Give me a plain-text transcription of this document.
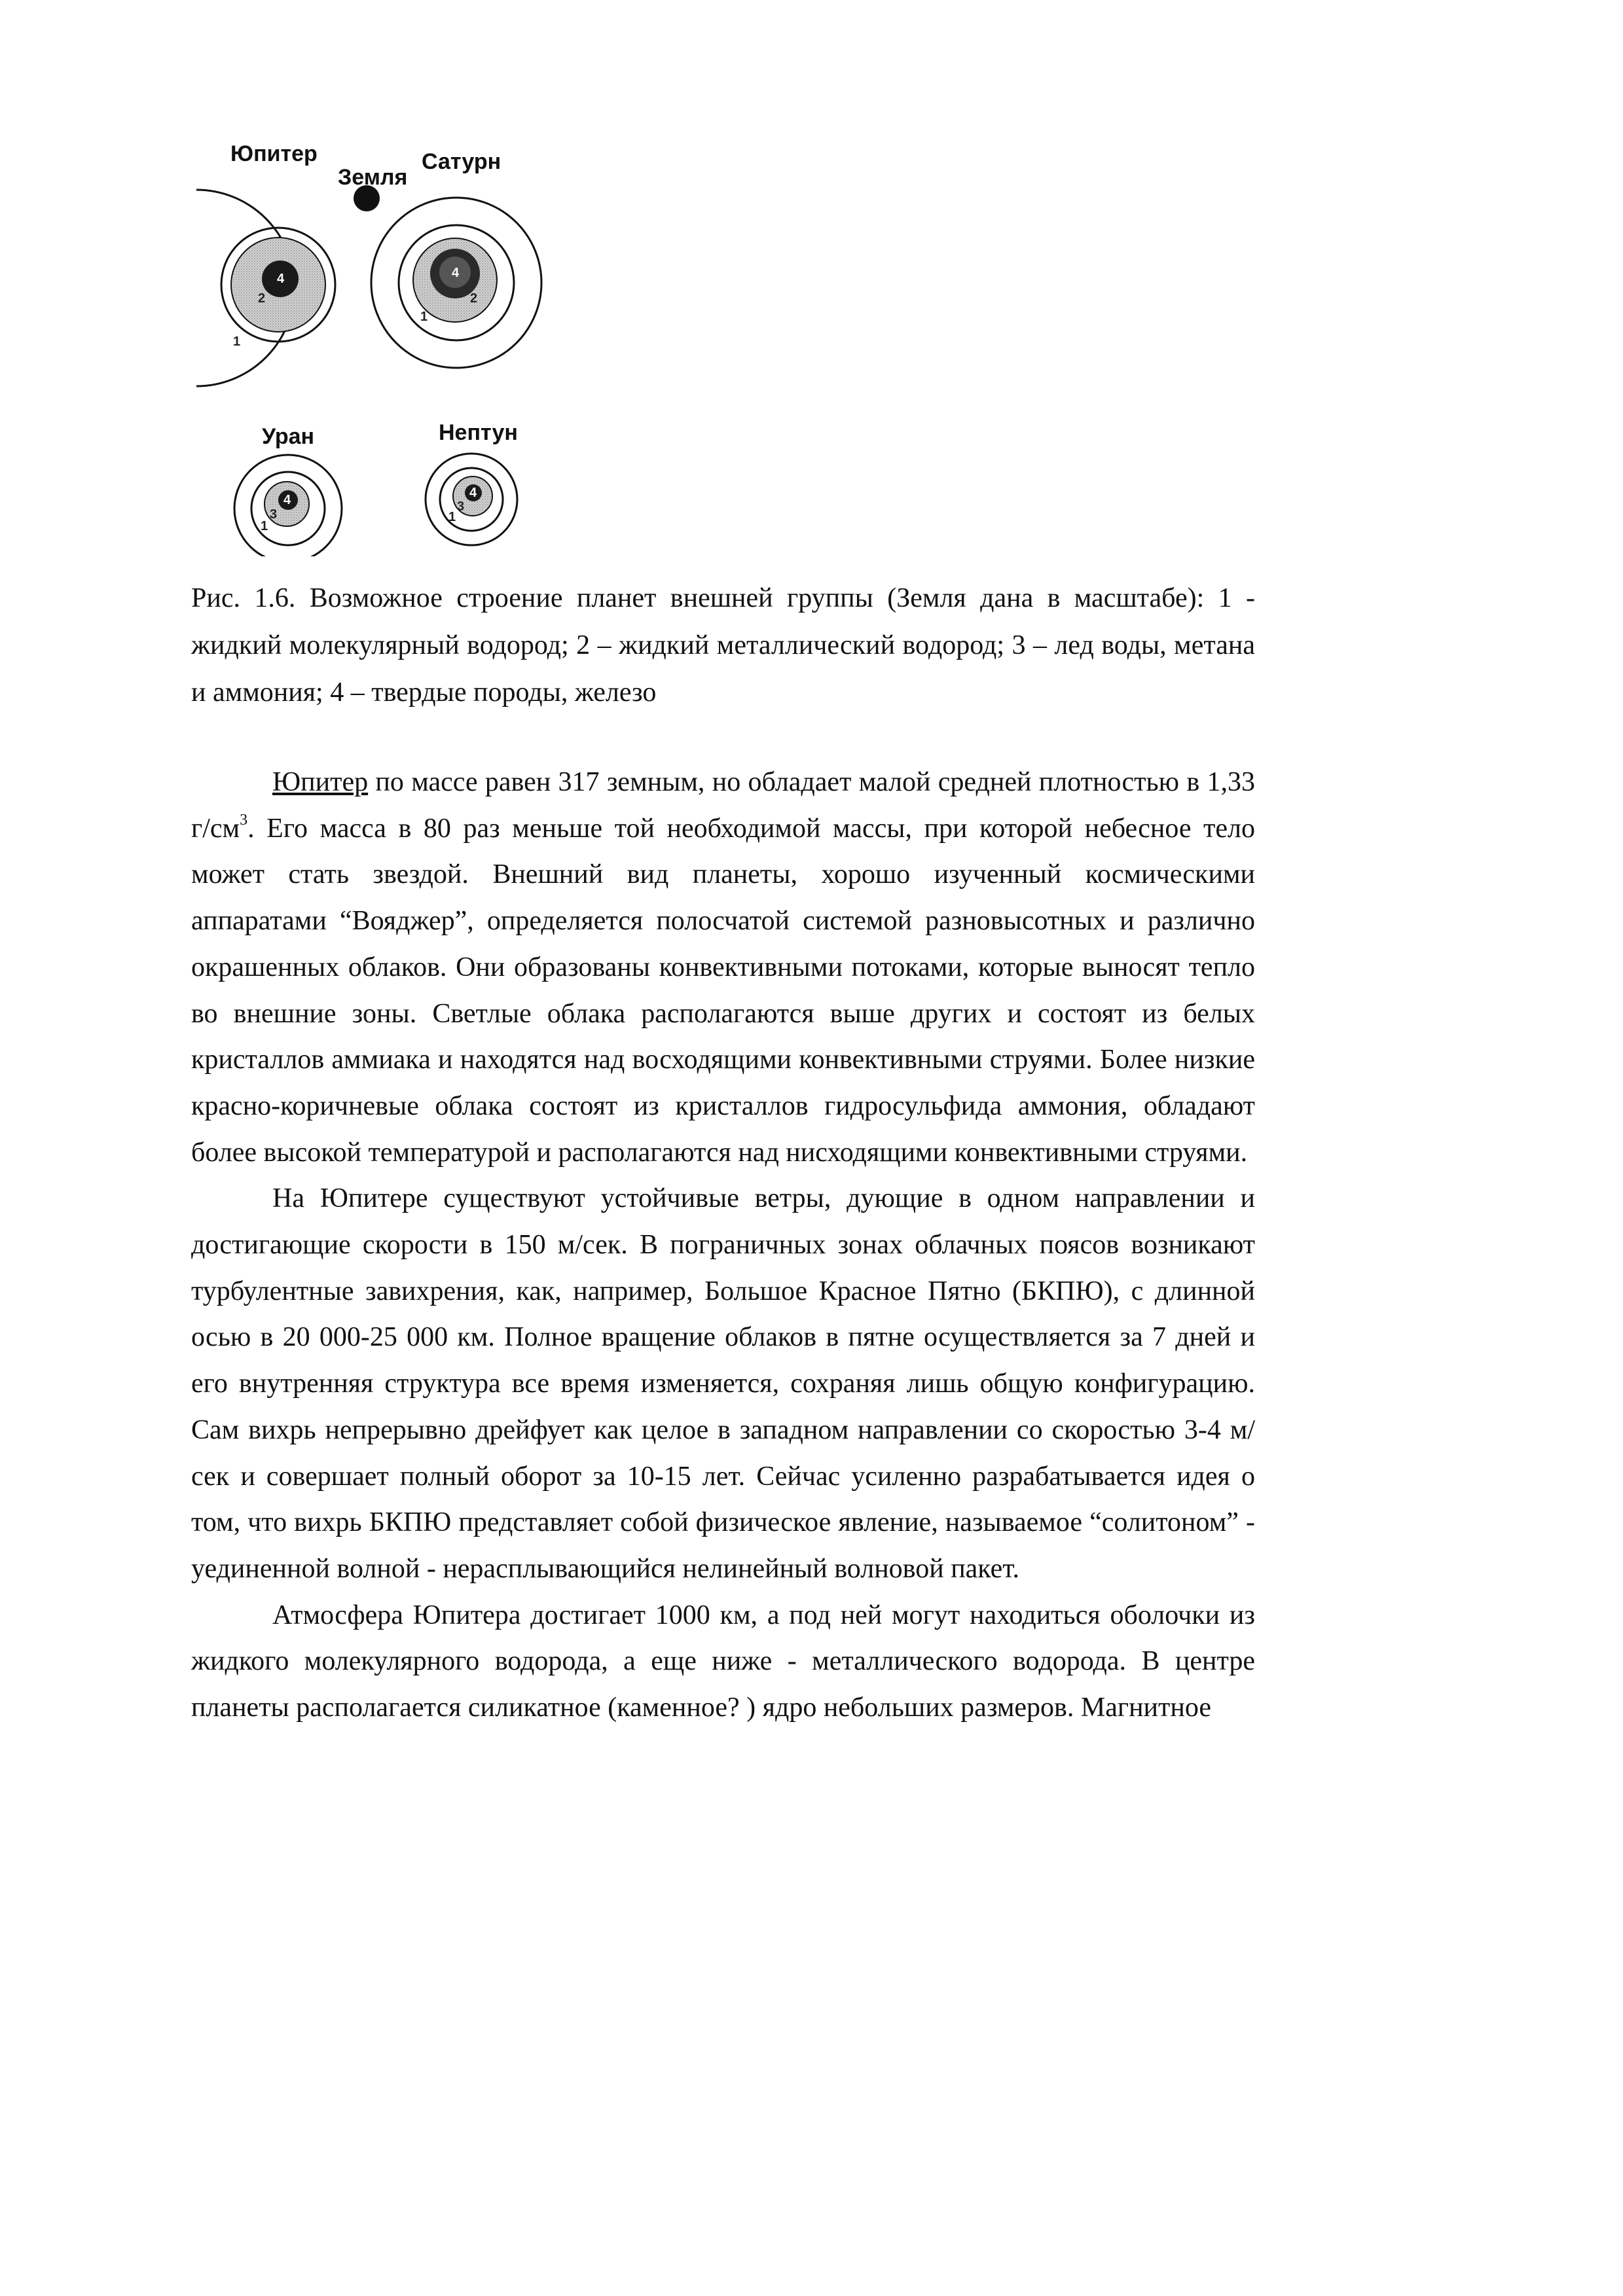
4
2
1
4
2
1
4
3
1
4
3
1
Юпитер
Земля
Сатурн
Уран	Нептун

Рис. 1.6. Возможное строение планет внешней группы (Земля дана в масштабе): 1 - жидкий молекулярный водород; 2 – жидкий металлический водород; 3 – лед воды, метана и аммония; 4 – твердые породы, железо

Юпитер по массе равен 317 земным, но обладает малой средней плотностью в 1,33 $г/см^3$. Его масса в 80 раз меньше той необходимой массы, при которой небесное тело может стать звездой. Внешний вид планеты, хорошо изученный космическими аппаратами “Вояджер”, определяется полосчатой системой разновысотных и различно окрашенных облаков. Они образованы конвективными потоками, которые выносят тепло во внешние зоны. Светлые облака располагаются выше других и состоят из белых кристаллов аммиака и находятся над восходящими конвективными струями. Более низкие красно-коричневые облака состоят из кристаллов гидросульфида аммония, обладают более высокой температурой и располагаются над нисходящими конвективными струями.

На Юпитере существуют устойчивые ветры, дующие в одном направлении и достигающие скорости в 150 м/сек. В пограничных зонах облачных поясов возникают турбулентные завихрения, как, например, Большое Красное Пятно (БКПЮ), с длинной осью в 20 000-25 000 км. Полное вращение облаков в пятне осуществляется за 7 дней и его внутренняя структура все время изменяется, сохраняя лишь общую конфигурацию. Сам вихрь непрерывно дрейфует как целое в западном направлении со скоростью 3-4 м/сек и совершает полный оборот за 10-15 лет. Сейчас усиленно разрабатывается идея о том, что вихрь БКПЮ представляет собой физическое явление, называемое “солитоном” - уединенной волной - нерасплывающийся нелинейный волновой пакет.

Атмосфера Юпитера достигает 1000 км, а под ней могут находиться оболочки из жидкого молекулярного водорода, а еще ниже - металлического водорода. В центре планеты располагается силикатное (каменное? ) ядро небольших размеров. Магнитное
